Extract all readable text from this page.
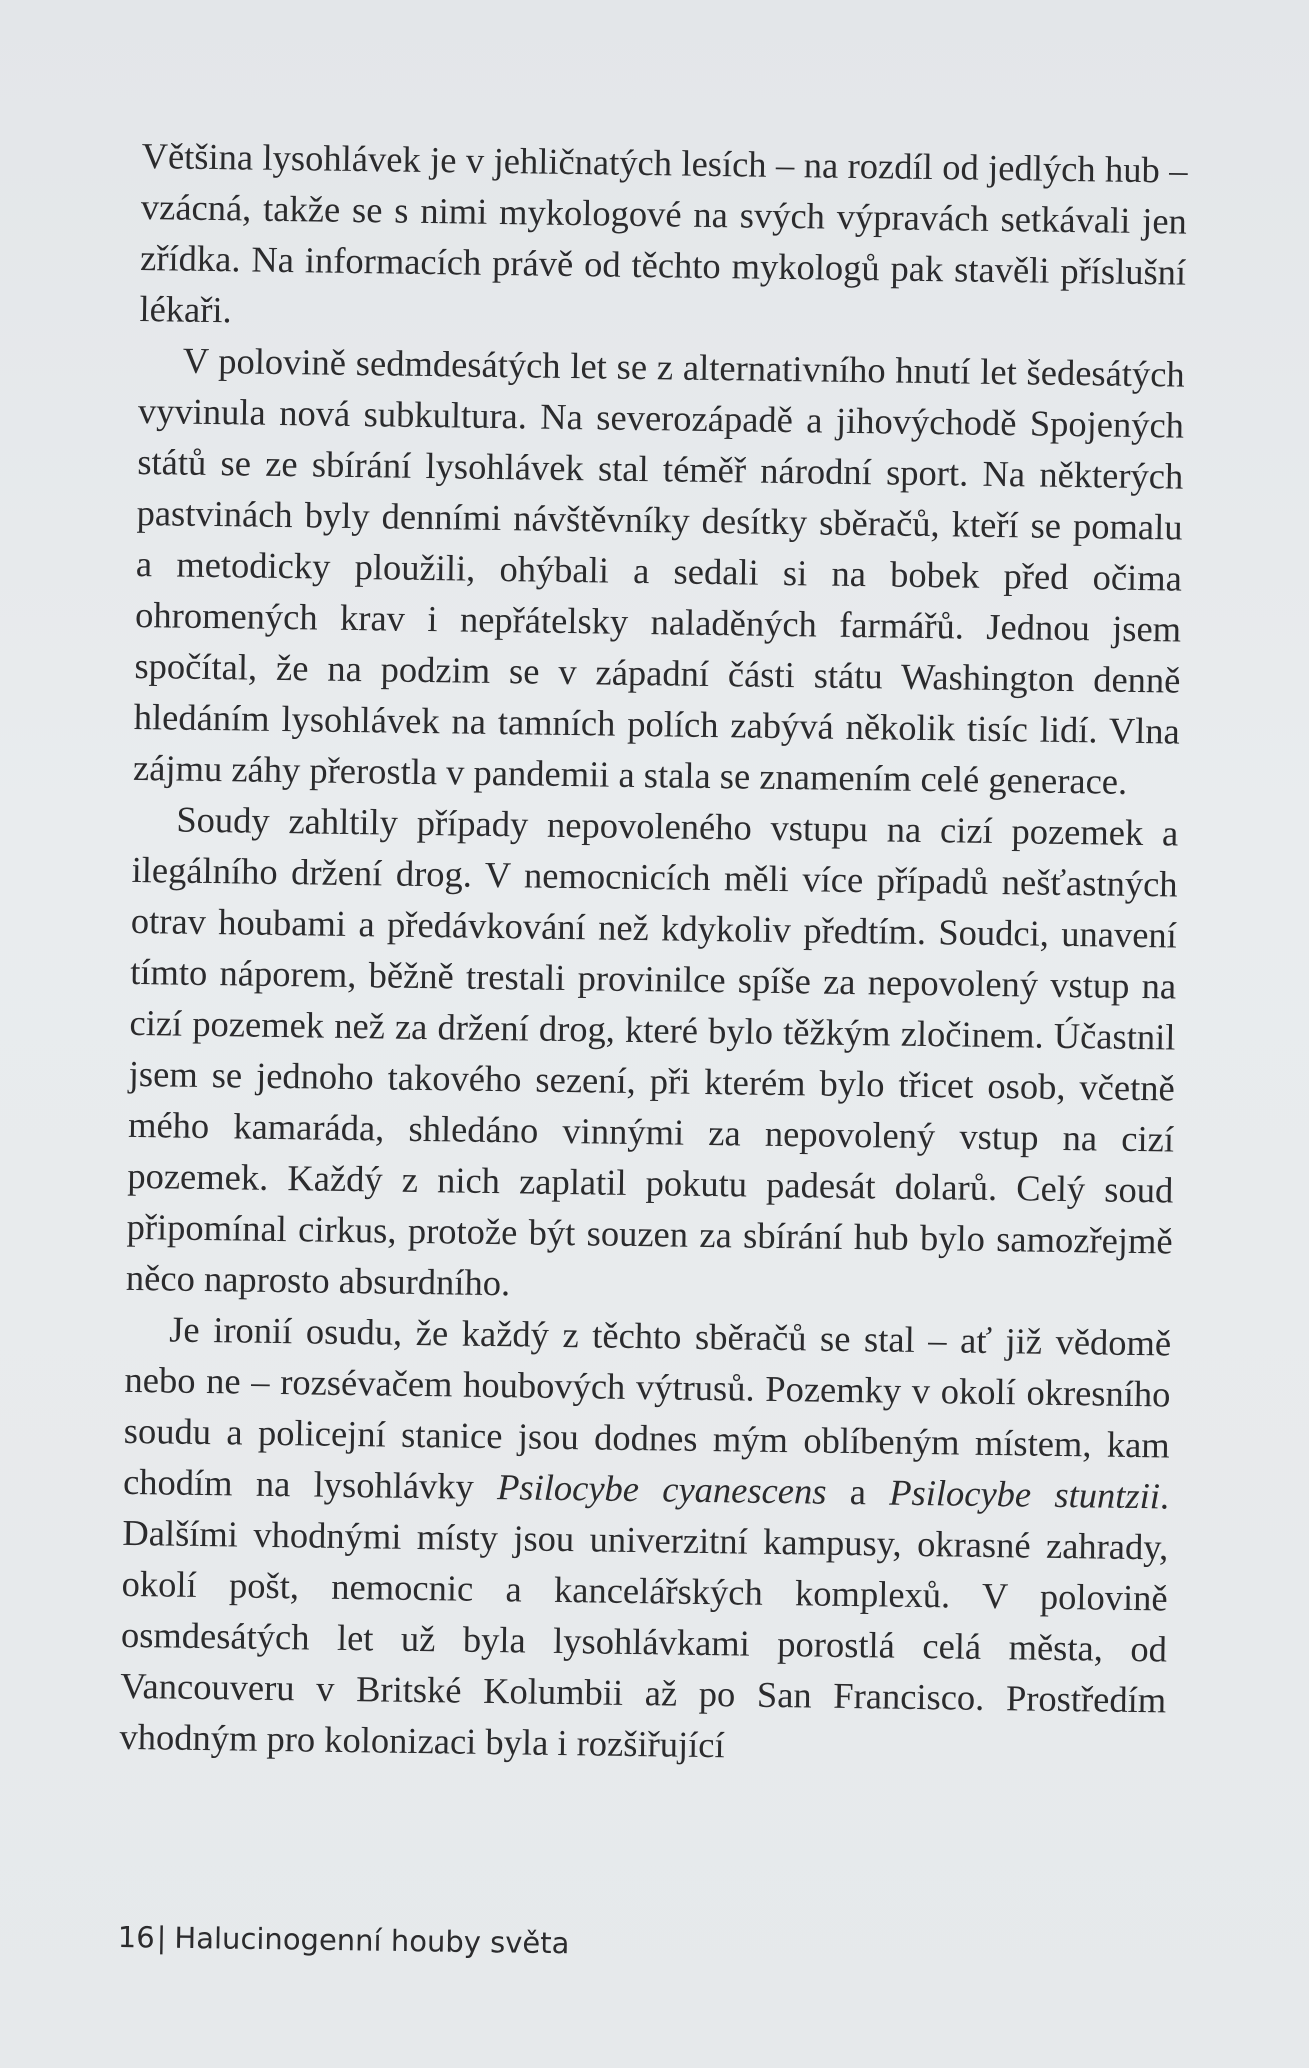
Většina lysohlávek je v jehličnatých lesích – na rozdíl od jedlých hub – vzácná, takže se s nimi mykologové na svých výpravách setkávali jen zřídka. Na informacích právě od těchto mykologů pak stavěli příslušní lékaři.

V polovině sedmdesátých let se z alternativního hnutí let šedesátých vyvinula nová subkultura. Na severozápadě a jihovýchodě Spojených států se ze sbírání lysohlávek stal téměř národní sport. Na některých pastvinách byly denními návštěvníky desítky sběračů, kteří se pomalu a metodicky ploužili, ohýbali a sedali si na bobek před očima ohromených krav i nepřátelsky naladěných farmářů. Jednou jsem spočítal, že na podzim se v západní části státu Washington denně hledáním lysohlávek na tamních polích zabývá několik tisíc lidí. Vlna zájmu záhy přerostla v pandemii a stala se znamením celé generace.

Soudy zahltily případy nepovoleného vstupu na cizí pozemek a ilegálního držení drog. V nemocnicích měli více případů nešťastných otrav houbami a předávkování než kdykoliv předtím. Soudci, unavení tímto náporem, běžně trestali provinilce spíše za nepovolený vstup na cizí pozemek než za držení drog, které bylo těžkým zločinem. Účastnil jsem se jednoho takového sezení, při kterém bylo třicet osob, včetně mého kamaráda, shledáno vinnými za nepovolený vstup na cizí pozemek. Každý z nich zaplatil pokutu padesát dolarů. Celý soud připomínal cirkus, protože být souzen za sbírání hub bylo samozřejmě něco naprosto absurdního.

Je ironií osudu, že každý z těchto sběračů se stal – ať již vědomě nebo ne – rozsévačem houbových výtrusů. Pozemky v okolí okresního soudu a policejní stanice jsou dodnes mým oblíbeným místem, kam chodím na lysohlávky Psilocybe cyanescens a Psilocybe stuntzii. Dalšími vhodnými místy jsou univerzitní kampusy, okrasné zahrady, okolí pošt, nemocnic a kancelářských komplexů. V polovině osmdesátých let už byla lysohlávkami porostlá celá města, od Vancouveru v Britské Kolumbii až po San Francisco. Prostředím vhodným pro kolonizaci byla i rozšiřující

16| Halucinogenní houby světa
